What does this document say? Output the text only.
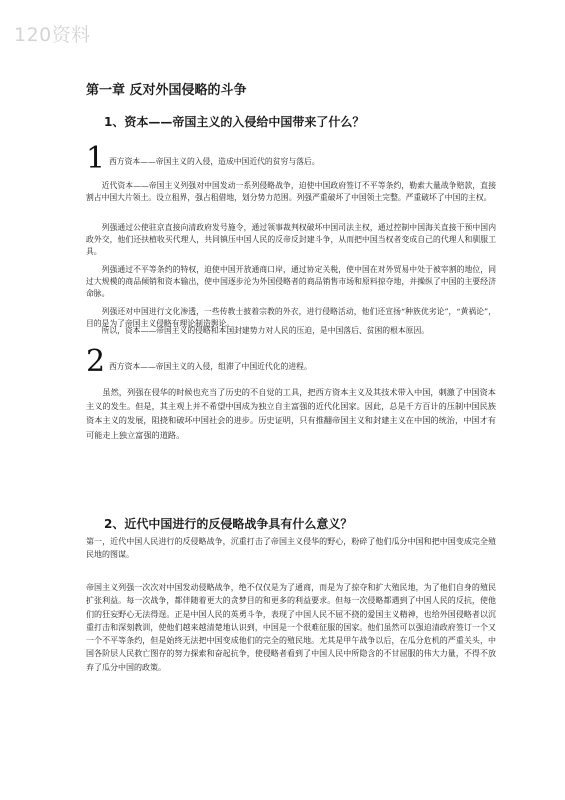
120资料
第一章 反对外国侵略的斗争
1、资本——帝国主义的入侵给中国带来了什么？
1 西方资本——帝国主义的入侵，造成中国近代的贫穷与落后。
近代资本——帝国主义列强对中国发动一系列侵略战争，迫使中国政府签订不平等条约，勒索大量战争赔款，直接割占中国大片领土。设立租界，强占租借地，划分势力范围。列强严重破坏了中国领土完整。严重破坏了中国的主权。
列强通过公使驻京直接向清政府发号施令，通过领事裁判权破坏中国司法主权，通过控制中国海关直接干预中国内政外交，他们还扶植收买代理人，共同镇压中国人民的反帝反封建斗争，从而把中国当权者变成自己的代理人和驯服工具。
列强通过不平等条约的特权，迫使中国开放通商口岸，通过协定关税，使中国在对外贸易中处于被宰割的地位，同过大规模的商品倾销和资本输出，使中国逐步沦为外国侵略者的商品销售市场和原料掠夺地，并操纵了中国的主要经济命脉。
列强还对中国进行文化渗透，一些传教士披着宗教的外衣，进行侵略活动，他们还宣扬“种族优劣论”，“黄祸论”，目的是为了帝国主义侵略有理论制造舆论。
所以，资本——帝国主义的侵略和本国封建势力对人民的压迫，是中国落后、贫困的根本原因。
2 西方资本——帝国主义的入侵，组滞了中国近代化的进程。
虽然，列强在侵华的时候也充当了历史的不自觉的工具，把西方资本主义及其技术带入中国，刺激了中国资本主义的发生。但是，其主观上并不希望中国成为独立自主富强的近代化国家。因此，总是千方百计的压制中国民族资本主义的发展，阻挠和破坏中国社会的进步。历史证明，只有推翻帝国主义和封建主义在中国的统治，中国才有可能走上独立富强的道路。
2、近代中国进行的反侵略战争具有什么意义？
第一，近代中国人民进行的反侵略战争，沉重打击了帝国主义侵华的野心，粉碎了他们瓜分中国和把中国变成完全殖民地的图谋。
帝国主义列强一次次对中国发动侵略战争，绝不仅仅是为了通商，而是为了掠夺和扩大殖民地，为了他们自身的殖民扩张利益。每一次战争，都伴随着更大的贪梦目的和更多的利益要求。但每一次侵略都遇到了中国人民的反抗，使他们的狂妄野心无法得逞。正是中国人民的英勇斗争，表现了中国人民不屈不挠的爱国主义精神，也给外国侵略者以沉重打击和深刻教训，使他们越来越清楚地认识到，中国是一个很难征服的国家。他们虽然可以强迫清政府签订一个又一个不平等条约，但是始终无法把中国变成他们的完全的殖民地。尤其是甲午战争以后，在瓜分危机的严重关头，中国各阶层人民救亡图存的努力探索和奋起抗争，使侵略者看到了中国人民中所隐含的不甘屈服的伟大力量，不得不放弃了瓜分中国的政策。
